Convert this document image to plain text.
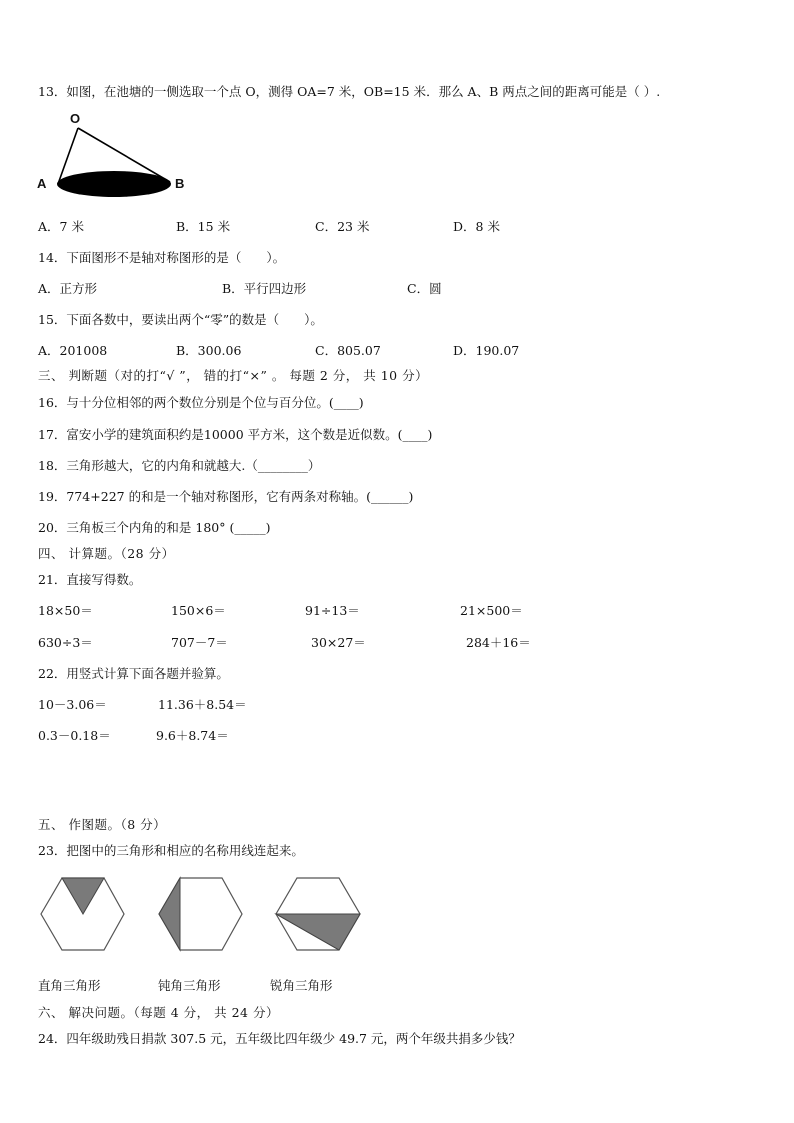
13．如图，在池塘的一侧选取一个点 O，测得 OA=7 米，OB=15 米．那么 A、B 两点之间的距离可能是（ ）.
O
A	B
A．7 米	B．15 米	C．23 米	D．8 米
14．下面图形不是轴对称图形的是（　　）。
A．正方形	B．平行四边形	C．圆
15．下面各数中，要读出两个“零”的数是（　　）。
A．201008	B．300.06	C．805.07	D．190.07
三、 判断题（对的打“√ ”， 错的打“×” 。 每题 2 分， 共 10 分）
16．与十分位相邻的两个数位分别是个位与百分位。(____)
17．富安小学的建筑面积约是10000 平方米，这个数是近似数。(____)
18．三角形越大，它的内角和就越大.（________）
19．774+227 的和是一个轴对称图形，它有两条对称轴。(______)
20．三角板三个内角的和是 180° (_____)
四、 计算题。（28 分）
21．直接写得数。
18×50＝	150×6＝	91÷13＝	21×500＝
630÷3＝	707－7＝	30×27＝	284＋16＝
22．用竖式计算下面各题并验算。
10－3.06＝	11.36＋8.54＝
0.3－0.18＝	9.6＋8.74＝
五、 作图题。（8 分）
23．把图中的三角形和相应的名称用线连起来。
直角三角形	钝角三角形	锐角三角形
六、 解决问题。（每题 4 分， 共 24 分）
24．四年级助残日捐款 307.5 元，五年级比四年级少 49.7 元，两个年级共捐多少钱？
